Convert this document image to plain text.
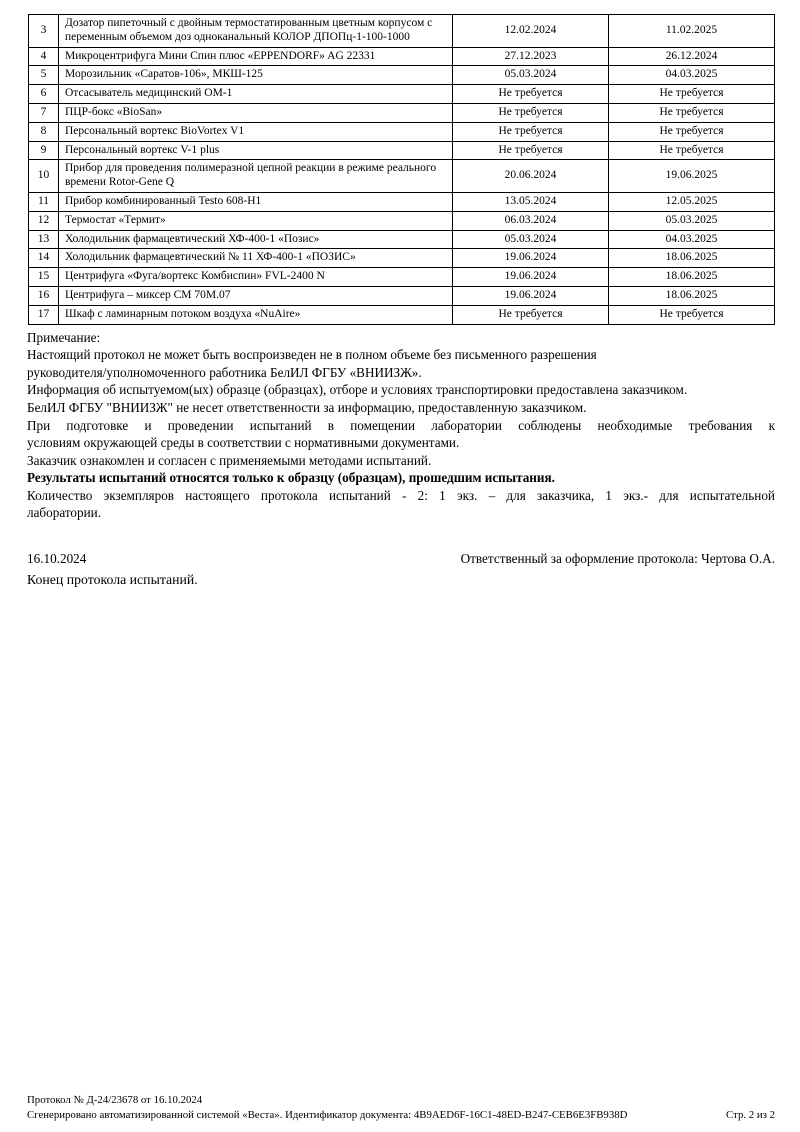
3	Дозатор пипеточный с двойным термостатированным цветным корпусом с переменным объемом доз одноканальный КОЛОР ДПОПц-1-100-1000	12.02.2024	11.02.2025
4	Микроцентрифуга Мини Спин плюс «EPPENDORF» AG 22331	27.12.2023	26.12.2024
5	Морозильник «Саратов-106», МКШ-125	05.03.2024	04.03.2025
6	Отсасыватель медицинский ОМ-1	Не требуется	Не требуется
7	ПЦР-бокс «BioSan»	Не требуется	Не требуется
8	Персональный вортекс BioVortex V1	Не требуется	Не требуется
9	Персональный вортекс V-1 plus	Не требуется	Не требуется
10	Прибор для проведения полимеразной цепной реакции в режиме реального времени Rotor-Gene Q	20.06.2024	19.06.2025
11	Прибор комбинированный Testo 608-H1	13.05.2024	12.05.2025
12	Термостат «Термит»	06.03.2024	05.03.2025
13	Холодильник фармацевтический ХФ-400-1 «Позис»	05.03.2024	04.03.2025
14	Холодильник фармацевтический № 11 ХФ-400-1 «ПОЗИС»	19.06.2024	18.06.2025
15	Центрифуга «Фуга/вортекс Комбиспин» FVL-2400 N	19.06.2024	18.06.2025
16	Центрифуга – миксер СМ 70М.07	19.06.2024	18.06.2025
17	Шкаф с ламинарным потоком воздуха «NuAire»	Не требуется	Не требуется
Примечание:
Настоящий протокол не может быть воспроизведен не в полном объеме без письменного разрешения
руководителя/уполномоченного работника БелИЛ ФГБУ «ВНИИЗЖ».
Информация об испытуемом(ых) образце (образцах), отборе и условиях транспортировки предоставлена заказчиком.
БелИЛ ФГБУ "ВНИИЗЖ" не несет ответственности за информацию, предоставленную заказчиком.
При подготовке и проведении испытаний в помещении лаборатории соблюдены необходимые требования к
условиям окружающей среды в соответствии с нормативными документами.
Заказчик ознакомлен и согласен с применяемыми методами испытаний.
Результаты испытаний относятся только к образцу (образцам), прошедшим испытания.
Количество экземпляров настоящего протокола испытаний - 2: 1 экз. – для заказчика, 1 экз.- для испытательной
лаборатории.
16.10.2024	Ответственный за оформление протокола: Чертова О.А.
Конец протокола испытаний.
Протокол № Д-24/23678 от 16.10.2024
Сгенерировано автоматизированной системой «Веста». Идентификатор документа: 4B9AED6F-16C1-48ED-B247-CEB6E3FB938D	Стр. 2 из 2
